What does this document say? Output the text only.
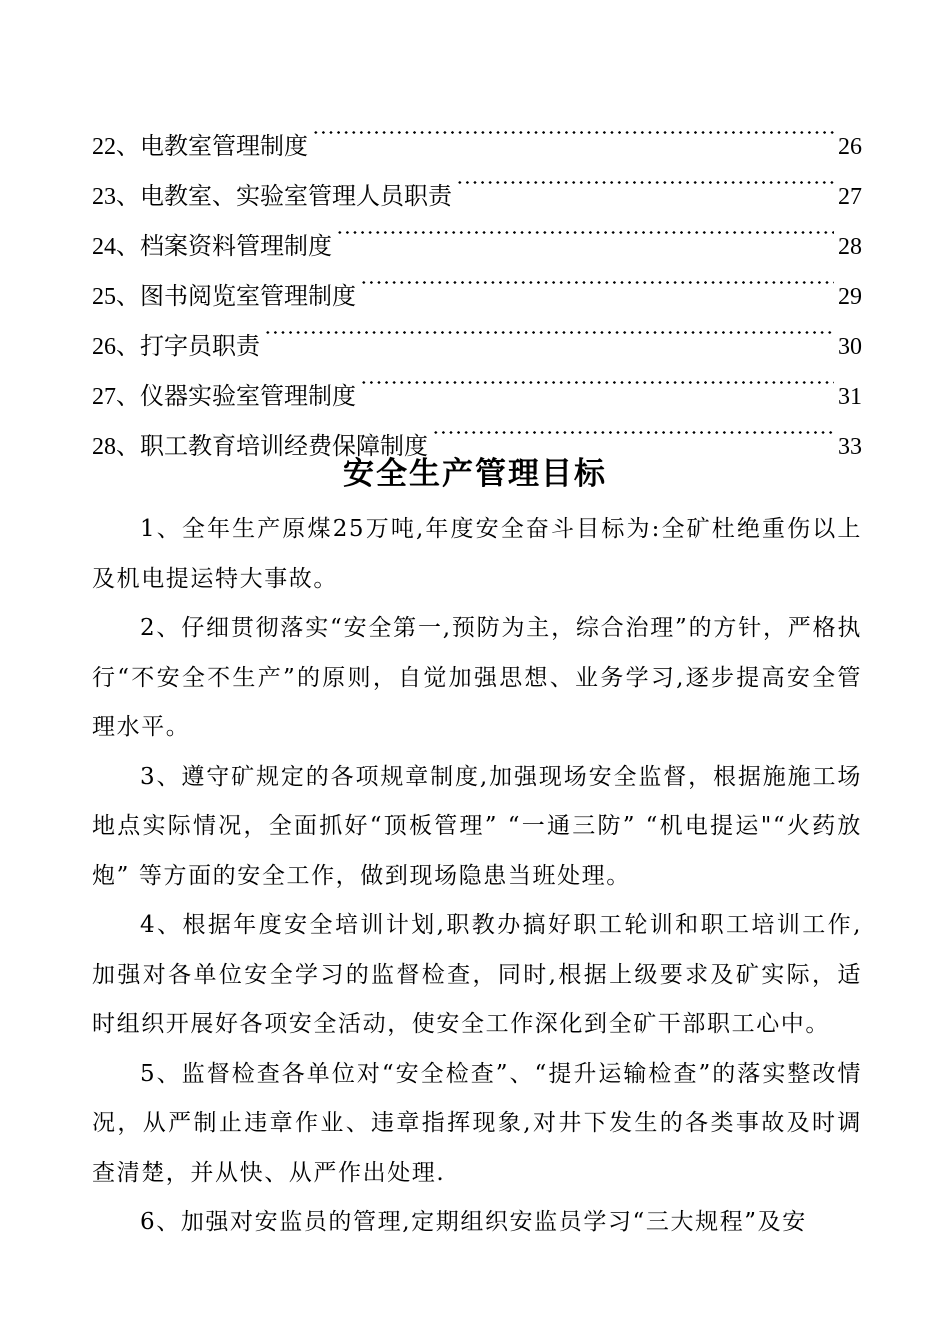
22、 电教室管理制度	26
23、 电教室、实验室管理人员职责	27
24、 档案资料管理制度	28
25、 图书阅览室管理制度	29
26、 打字员职责	30
27、 仪器实验室管理制度	31
28、 职工教育培训经费保障制度	33
安全生产管理目标

1、全年生产原煤25万吨,年度安全奋斗目标为:全矿杜绝重伤以上及机电提运特大事故。

2、仔细贯彻落实“安全第一,预防为主，综合治理”的方针，严格执行“不安全不生产”的原则，自觉加强思想、业务学习,逐步提高安全管理水平。

3、遵守矿规定的各项规章制度,加强现场安全监督，根据施施工场地点实际情况，全面抓好“顶板管理” “一通三防” “机电提运"“火药放炮” 等方面的安全工作，做到现场隐患当班处理。

4、根据年度安全培训计划,职教办搞好职工轮训和职工培训工作,加强对各单位安全学习的监督检查，同时,根据上级要求及矿实际，适时组织开展好各项安全活动，使安全工作深化到全矿干部职工心中。

5、监督检查各单位对“安全检查”、“提升运输检查”的落实整改情况，从严制止违章作业、违章指挥现象,对井下发生的各类事故及时调查清楚，并从快、从严作出处理.

6、加强对安监员的管理,定期组织安监员学习“三大规程”及安
